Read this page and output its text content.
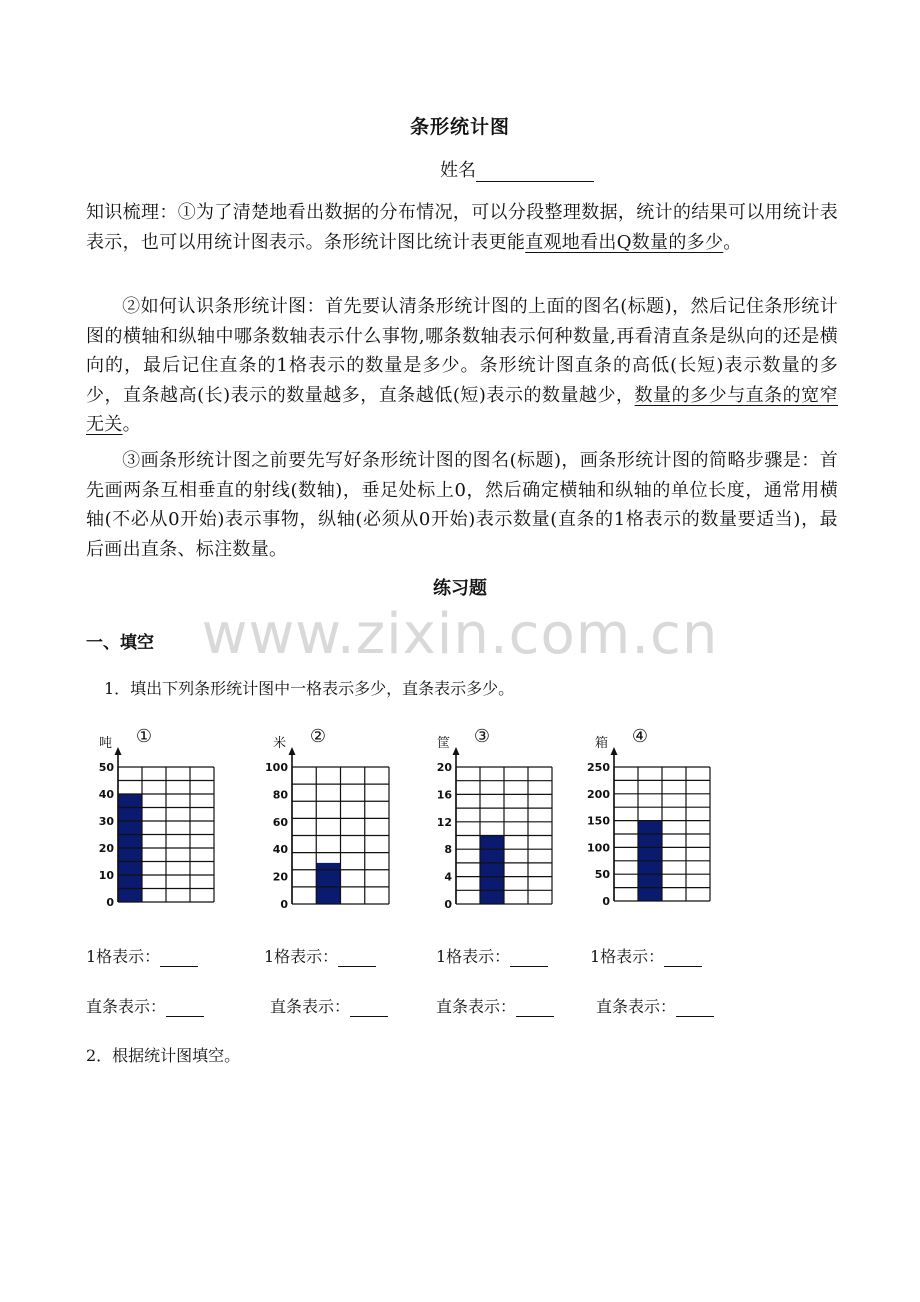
条形统计图
姓名
知识梳理：①为了清楚地看出数据的分布情况，可以分段整理数据，统计的结果可以用统计表表示，也可以用统计图表示。条形统计图比统计表更能直观地看出Q数量的多少。
②如何认识条形统计图：首先要认清条形统计图的上面的图名(标题)，然后记住条形统计图的横轴和纵轴中哪条数轴表示什么事物,哪条数轴表示何种数量,再看清直条是纵向的还是横向的，最后记住直条的1格表示的数量是多少。条形统计图直条的高低(长短)表示数量的多少，直条越高(长)表示的数量越多，直条越低(短)表示的数量越少，数量的多少与直条的宽窄无关。
③画条形统计图之前要先写好条形统计图的图名(标题)，画条形统计图的简略步骤是：首先画两条互相垂直的射线(数轴)，垂足处标上0，然后确定横轴和纵轴的单位长度，通常用横轴(不必从0开始)表示事物，纵轴(必须从0开始)表示数量(直条的1格表示的数量要适当)，最后画出直条、标注数量。
练习题
www.zixin.com.cn
一、填空
1．填出下列条形统计图中一格表示多少，直条表示多少。
0
10
20
30
40
50
吨 ①
0
20
40
60
80
100
米 ②
0
4
8
12
16
20
筐 ③
0
50
100
150
200
250
箱 ④
1格表示：	1格表示：	1格表示：	1格表示：
直条表示：	直条表示：	直条表示：	直条表示：
2．根据统计图填空。
